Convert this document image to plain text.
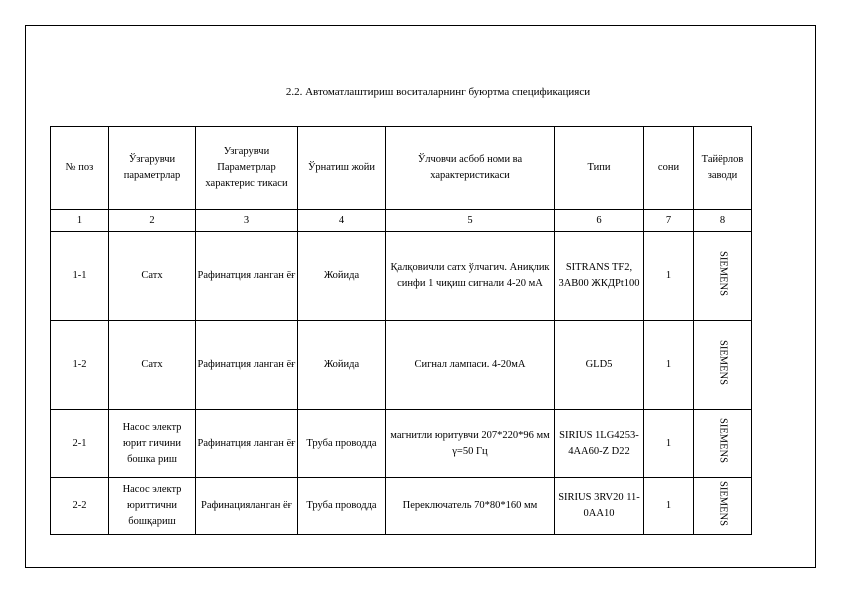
2.2. Автоматлаштириш воситаларнинг буюртма спецификацияси
№ поз	Ўзгарувчи параметрлар	Узгарувчи Параметрлар характерис тикаси	Ўрнатиш жойи	Ўлчовчи асбоб номи ва характеристикаси	Типи	сони	Тайёрлов заводи
1	2	3	4	5	6	7	8
1-1	Сатх	Рафинатция ланган ёғ	Жойида	Қалқовичли сатх ўлчагич. Аниқлик синфи 1 чиқиш сигнали 4-20 мА	SITRANS TF2, 3AB00 ЖКДPt100	1	SIEMENS
1-2	Сатх	Рафинатция ланган ёғ	Жойида	Сигнал лампаси. 4-20мА	GLD5	1	SIEMENS
2-1	Насос электр юрит гичини бошка риш	Рафинатция ланган ёғ	Труба проводда	магнитли юритувчи 207*220*96 мм γ=50 Гц	SIRIUS 1LG4253-4AA60-Z D22	1	SIEMENS
2-2	Насос электр юриттични бошқариш	Рафинацияланган ёғ	Труба проводда	Переключатель 70*80*160 мм	SIRIUS 3RV20 11-0AA10	1	SIEMENS
